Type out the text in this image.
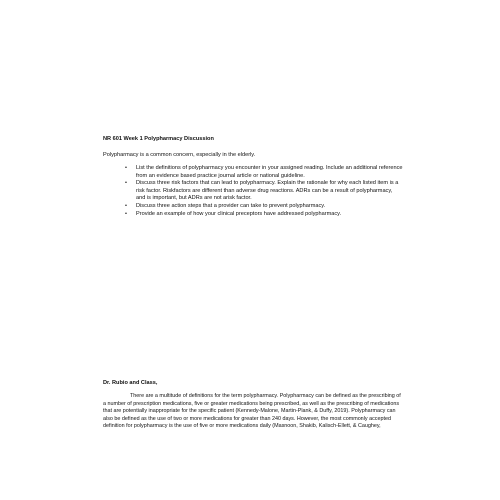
NR 601 Week 1 Polypharmacy Discussion
Polypharmacy is a common concern, especially in the elderly.
• List the definitions of polypharmacy you encounter in your assigned reading. Include an additional reference from an evidence based practice journal article or national guideline.
• Discuss three risk factors that can lead to polypharmacy. Explain the rationale for why each listed item is a risk factor. Riskfactors are different than adverse drug reactions. ADRs can be a result of polypharmacy, and is important, but ADRs are not arisk factor.
• Discuss three action steps that a provider can take to prevent polypharmacy.
• Provide an example of how your clinical preceptors have addressed polypharmacy.
Dr. Rubio and Class,

There are a multitude of definitions for the term polypharmacy. Polypharmacy can be defined as the prescribing of a number of prescription medications, five or greater medications being prescribed, as well as the prescribing of medications that are potentially inappropriate for the specific patient (Kennedy-Malone, Martin-Plank, & Duffy, 2019). Polypharmacy can also be defined as the use of two or more medications for greater than 240 days. However, the most commonly accepted definition for polypharmacy is the use of five or more medications daily (Masnoon, Shakib, Kalisch-Ellett, & Caughey,
